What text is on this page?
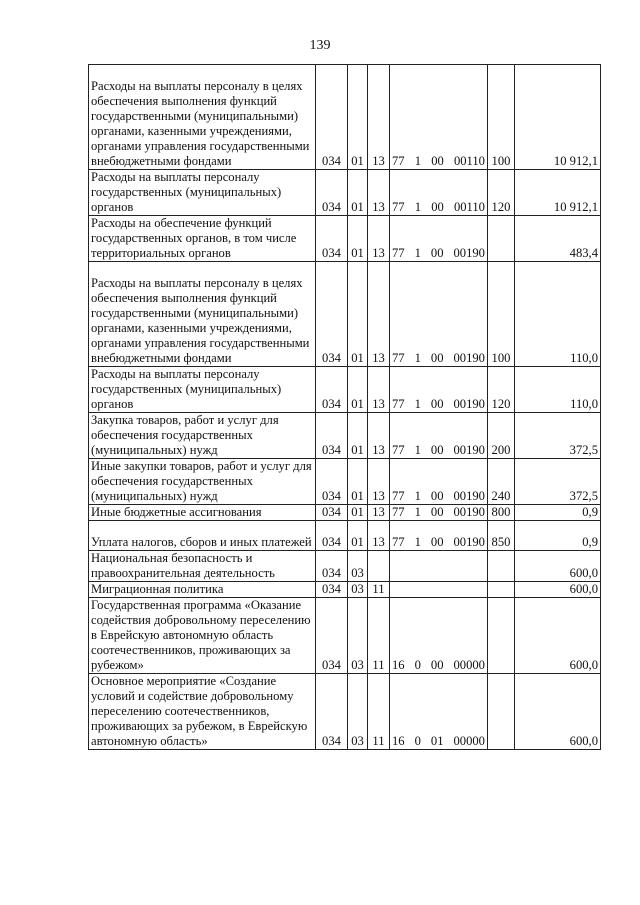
139
Расходы на выплаты персоналу в целях обеспечения выполнения функций государственными (муниципальными) органами, казенными учреждениями, органами управления государственными внебюджетными фондами	034	01	13	77 1 00 00110	100	10 912,1
Расходы на выплаты персоналу государственных (муниципальных) органов	034	01	13	77 1 00 00110	120	10 912,1
Расходы на обеспечение функций государственных органов, в том числе территориальных органов	034	01	13	77 1 00 00190		483,4
Расходы на выплаты персоналу в целях обеспечения выполнения функций государственными (муниципальными) органами, казенными учреждениями, органами управления государственными внебюджетными фондами	034	01	13	77 1 00 00190	100	110,0
Расходы на выплаты персоналу государственных (муниципальных) органов	034	01	13	77 1 00 00190	120	110,0
Закупка товаров, работ и услуг для обеспечения государственных (муниципальных) нужд	034	01	13	77 1 00 00190	200	372,5
Иные закупки товаров, работ и услуг для обеспечения государственных (муниципальных) нужд	034	01	13	77 1 00 00190	240	372,5
Иные бюджетные ассигнования	034	01	13	77 1 00 00190	800	0,9
Уплата налогов, сборов и иных платежей	034	01	13	77 1 00 00190	850	0,9
Национальная безопасность и правоохранительная деятельность	034	03				600,0
Миграционная политика	034	03	11			600,0
Государственная программа «Оказание содействия добровольному переселению в Еврейскую автономную область соотечественников, проживающих за рубежом»	034	03	11	16 0 00 00000		600,0
Основное мероприятие «Создание условий и содействие добровольному переселению соотечественников, проживающих за рубежом, в Еврейскую автономную область»	034	03	11	16 0 01 00000		600,0
